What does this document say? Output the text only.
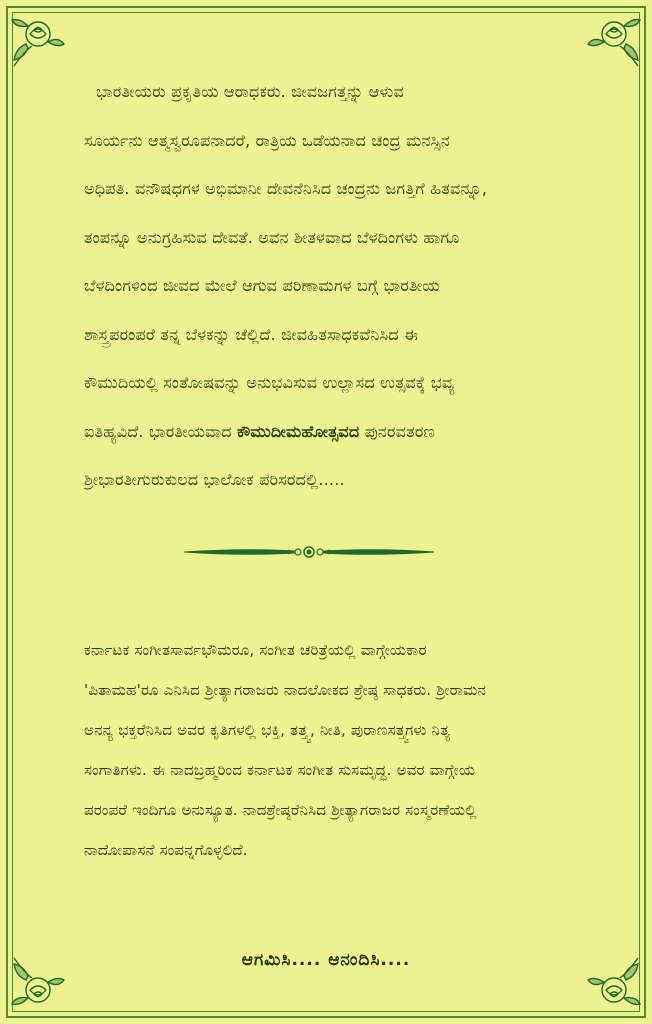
ಭಾರತೀಯರು ಪ್ರಕೃತಿಯ ಆರಾಧಕರು. ಜೀವಜಗತ್ತನ್ನು ಆಳುವ
ಸೂರ್ಯನು ಆತ್ಮಸ್ವರೂಪನಾದರೆ, ರಾತ್ರಿಯ ಒಡೆಯನಾದ ಚಂದ್ರ ಮನಸ್ಸಿನ
ಅಧಿಪತಿ. ವನೌಷಧಗಳ ಅಭಿಮಾನೀ ದೇವನೆನಿಸಿದ ಚಂದ್ರನು ಜಗತ್ತಿಗೆ ಹಿತವನ್ನೂ,
ತಂಪನ್ನೂ ಅನುಗ್ರಹಿಸುವ ದೇವತೆ. ಅವನ ಶೀತಳವಾದ ಬೆಳದಿಂಗಳು ಹಾಗೂ
ಬೆಳದಿಂಗಳಿಂದ ಜೀವದ ಮೇಲೆ ಆಗುವ ಪರಿಣಾಮಗಳ ಬಗ್ಗೆ ಭಾರತೀಯ
ಶಾಸ್ತ್ರಪರಂಪರೆ ತನ್ನ ಬೆಳಕನ್ನು ಚೆಲ್ಲಿದೆ. ಜೀವಹಿತಸಾಧಕವೆನಿಸಿದ ಈ
ಕೌಮುದಿಯಲ್ಲಿ ಸಂತೋಷವನ್ನು ಅನುಭವಿಸುವ ಉಲ್ಲಾಸದ ಉತ್ಸವಕ್ಕೆ ಭವ್ಯ
ಐತಿಹ್ಯವಿದೆ. ಭಾರತೀಯವಾದ ಕೌಮುದೀಮಹೋತ್ಸವದ ಪುನರವತರಣ
ಶ್ರೀಭಾರತೀಗುರುಕುಲದ ಭಾಲೋಕ ಪರಿಸರದಲ್ಲಿ.....
ಕರ್ನಾಟಕ ಸಂಗೀತಸಾರ್ವಭೌಮರೂ, ಸಂಗೀತ ಚರಿತ್ರೆಯಲ್ಲಿ ವಾಗ್ಗೇಯಕಾರ
'ಪಿತಾಮಹ'ರೂ ಎನಿಸಿದ ಶ್ರೀತ್ಯಾಗರಾಜರು ನಾದಲೋಕದ ಶ್ರೇಷ್ಠ ಸಾಧಕರು. ಶ್ರೀರಾಮನ
ಅನನ್ಯ ಭಕ್ತರೆನಿಸಿದ ಅವರ ಕೃತಿಗಳಲ್ಲಿ ಭಕ್ತಿ, ತತ್ತ್ವ, ನೀತಿ, ಪುರಾಣಸತ್ತ್ವಗಳು ನಿತ್ಯ
ಸಂಗಾತಿಗಳು. ಈ ನಾದಬ್ರಹ್ಮರಿಂದ ಕರ್ನಾಟಕ ಸಂಗೀತ ಸುಸಮೃದ್ಧ. ಅವರ ವಾಗ್ಗೇಯ
ಪರಂಪರೆ ಇಂದಿಗೂ ಅನುಸ್ಯೂತ. ನಾದಶ್ರೇಷ್ಠರೆನಿಸಿದ ಶ್ರೀತ್ಯಾಗರಾಜರ ಸಂಸ್ಮರಣೆಯಲ್ಲಿ
ನಾದೋಪಾಸನೆ ಸಂಪನ್ನಗೊಳ್ಳಲಿದೆ.
ಆಗಮಿಸಿ.... ಆನಂದಿಸಿ....
